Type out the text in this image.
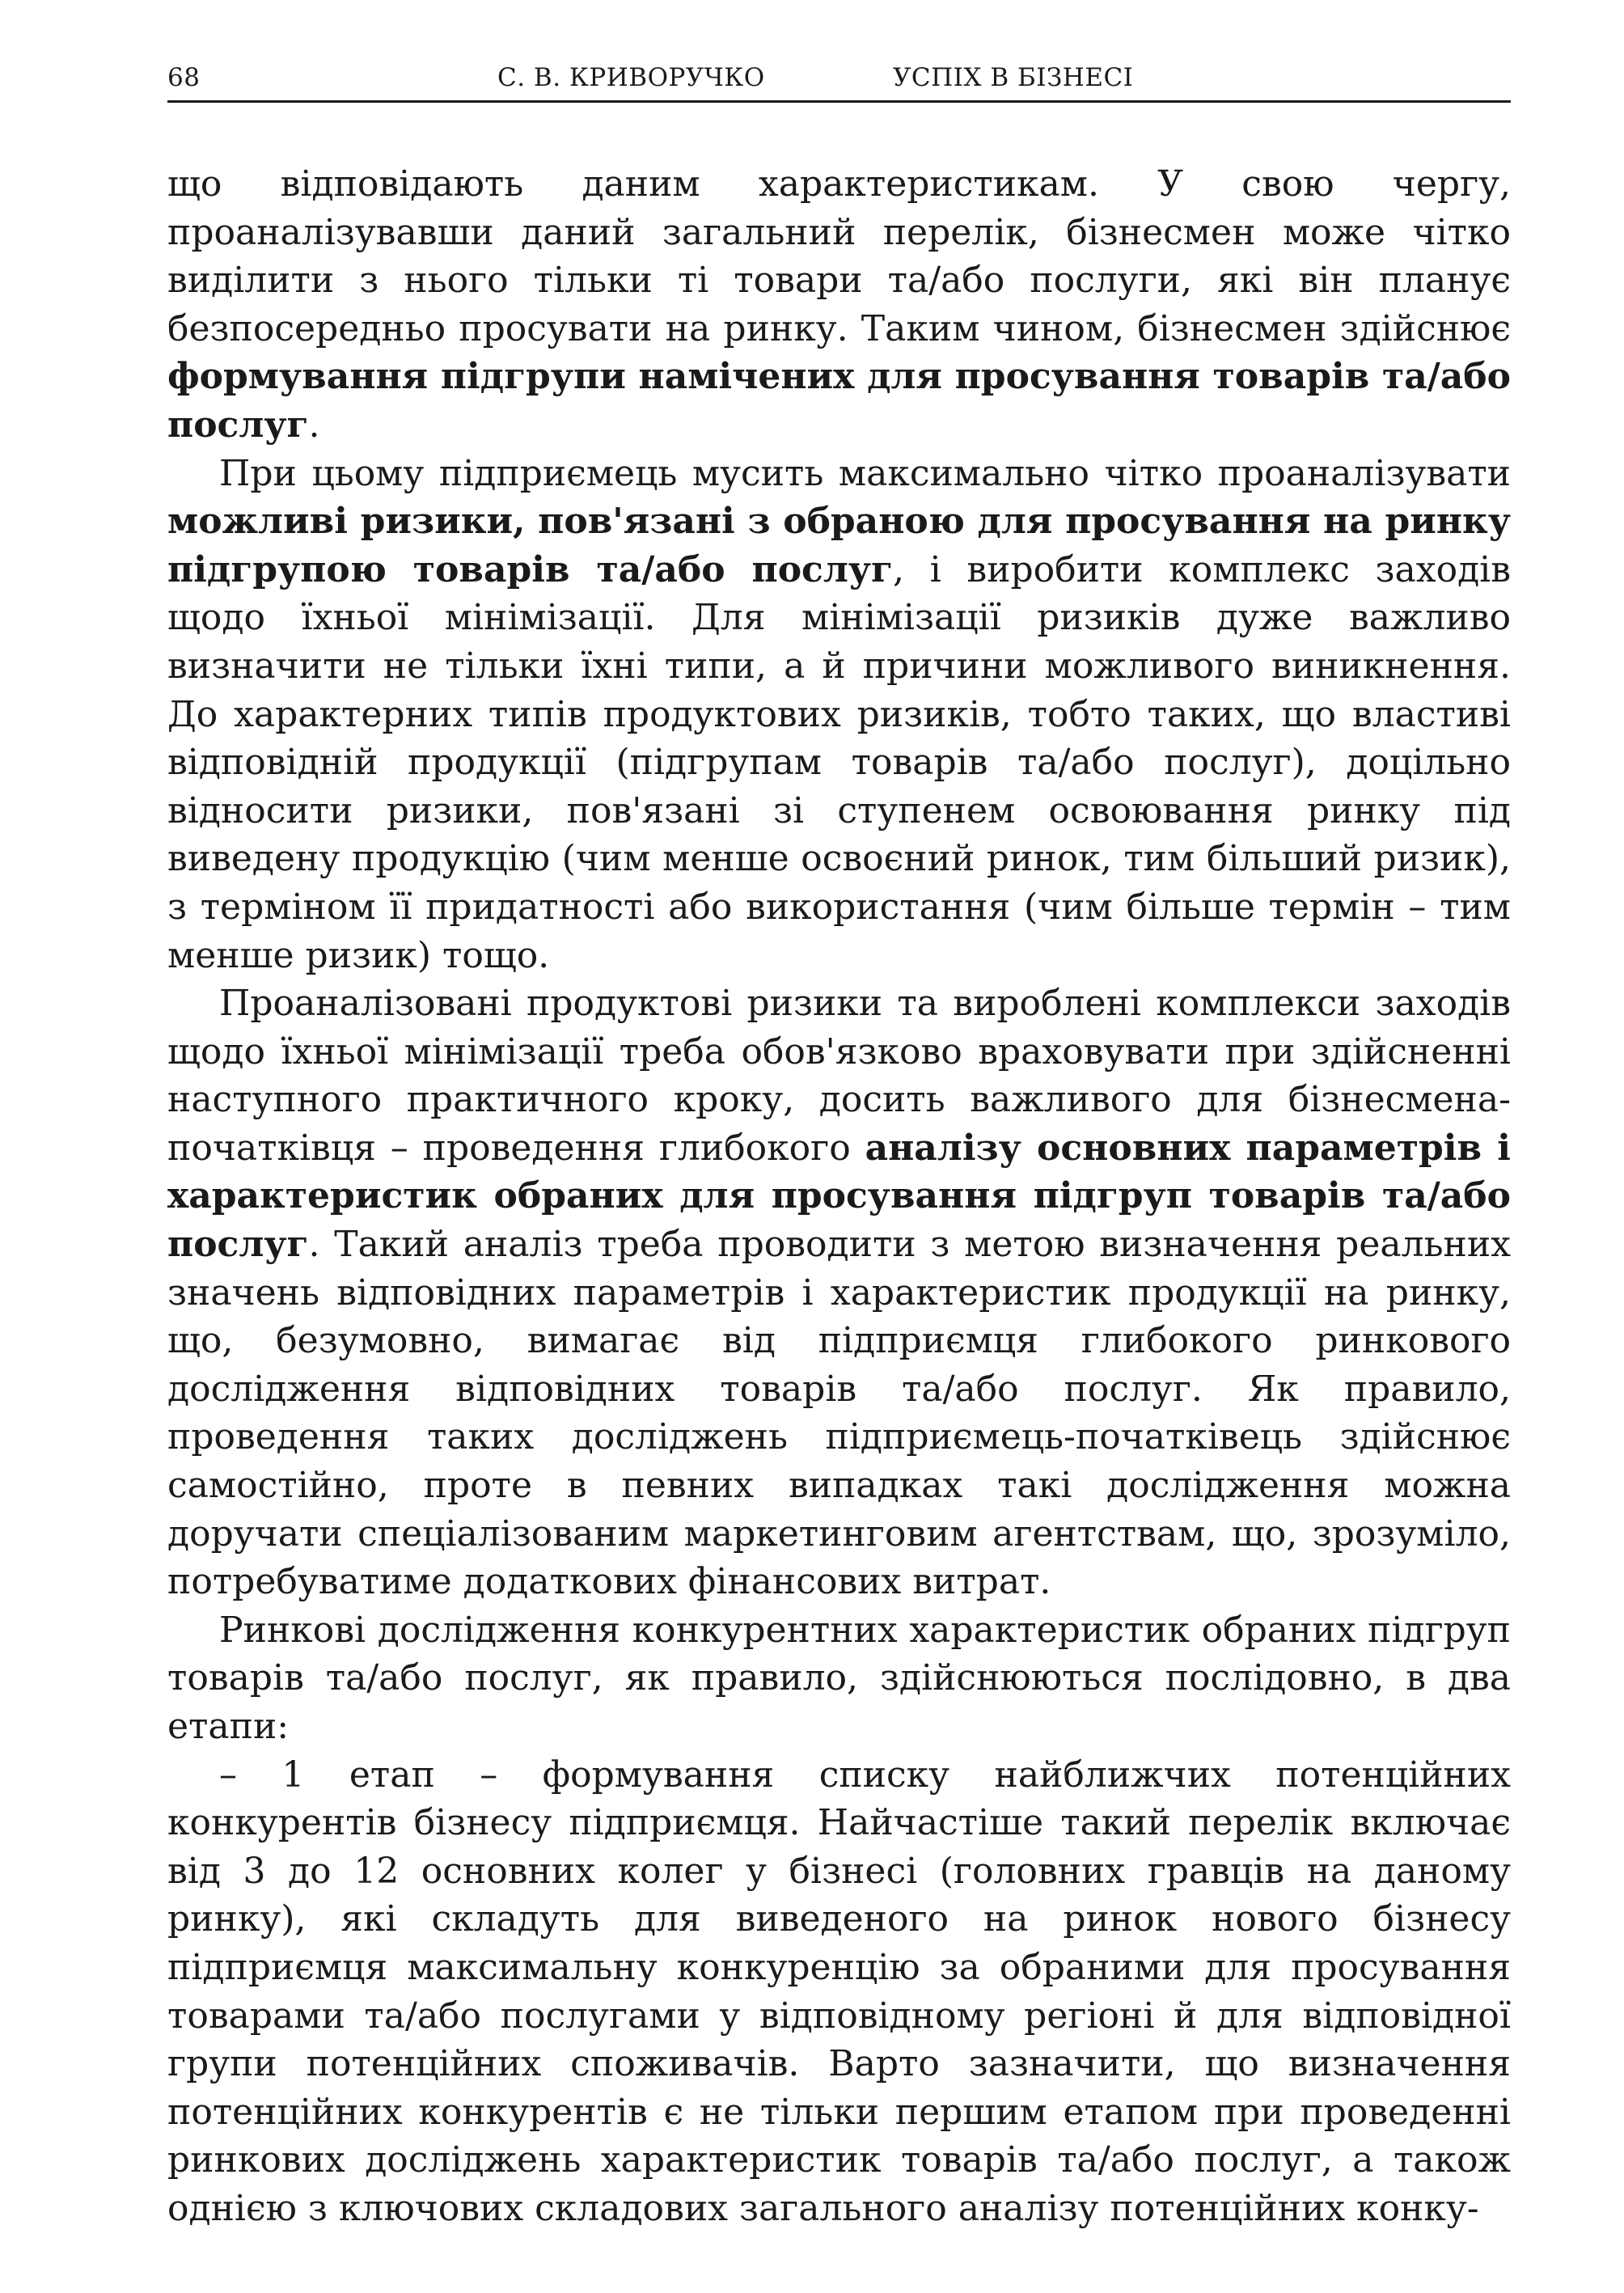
68	С. В. КРИВОРУЧКО	УСПІХ В БІЗНЕСІ

що відповідають даним характеристикам. У свою чергу, проаналізувавши даний загальний перелік, бізнесмен може чітко виділити з нього тільки ті товари та/або послуги, які він планує безпосередньо просувати на ринку. Таким чином, бізнесмен здійснює формування підгрупи намічених для просування товарів та/або послуг.

При цьому підприємець мусить максимально чітко проаналізувати можливі ризики, пов'язані з обраною для просування на ринку підгрупою товарів та/або послуг, і виробити комплекс заходів щодо їхньої мінімізації. Для мінімізації ризиків дуже важливо визначити не тільки їхні типи, а й причини можливого виникнення. До характерних типів продуктових ризиків, тобто таких, що властиві відповідній продукції (підгрупам товарів та/або послуг), доцільно відносити ризики, пов'язані зі ступенем освоювання ринку під виведену продукцію (чим менше освоєний ринок, тим більший ризик), з терміном її придатності або використання (чим більше термін – тим менше ризик) тощо.

Проаналізовані продуктові ризики та вироблені комплекси заходів щодо їхньої мінімізації треба обов'язково враховувати при здійсненні наступного практичного кроку, досить важливого для бізнесмена-початківця – проведення глибокого аналізу основних параметрів і характеристик обраних для просування підгруп товарів та/або послуг. Такий аналіз треба проводити з метою визначення реальних значень відповідних параметрів і характеристик продукції на ринку, що, безумовно, вимагає від підприємця глибокого ринкового дослідження відповідних товарів та/або послуг. Як правило, проведення таких досліджень підприємець-початківець здійснює самостійно, проте в певних випадках такі дослідження можна доручати спеціалізованим маркетинговим агентствам, що, зрозуміло, потребуватиме додаткових фінансових витрат.

Ринкові дослідження конкурентних характеристик обраних підгруп товарів та/або послуг, як правило, здійснюються послідовно, в два етапи:

– 1 етап – формування списку найближчих потенційних конкурентів бізнесу підприємця. Найчастіше такий перелік включає від 3 до 12 основних колег у бізнесі (головних гравців на даному ринку), які складуть для виведеного на ринок нового бізнесу підприємця максимальну конкуренцію за обраними для просування товарами та/або послугами у відповідному регіоні й для відповідної групи потенційних споживачів. Варто зазначити, що визначення потенційних конкурентів є не тільки першим етапом при проведенні ринкових досліджень характеристик товарів та/або послуг, а також однією з ключових складових загального аналізу потенційних конку-
